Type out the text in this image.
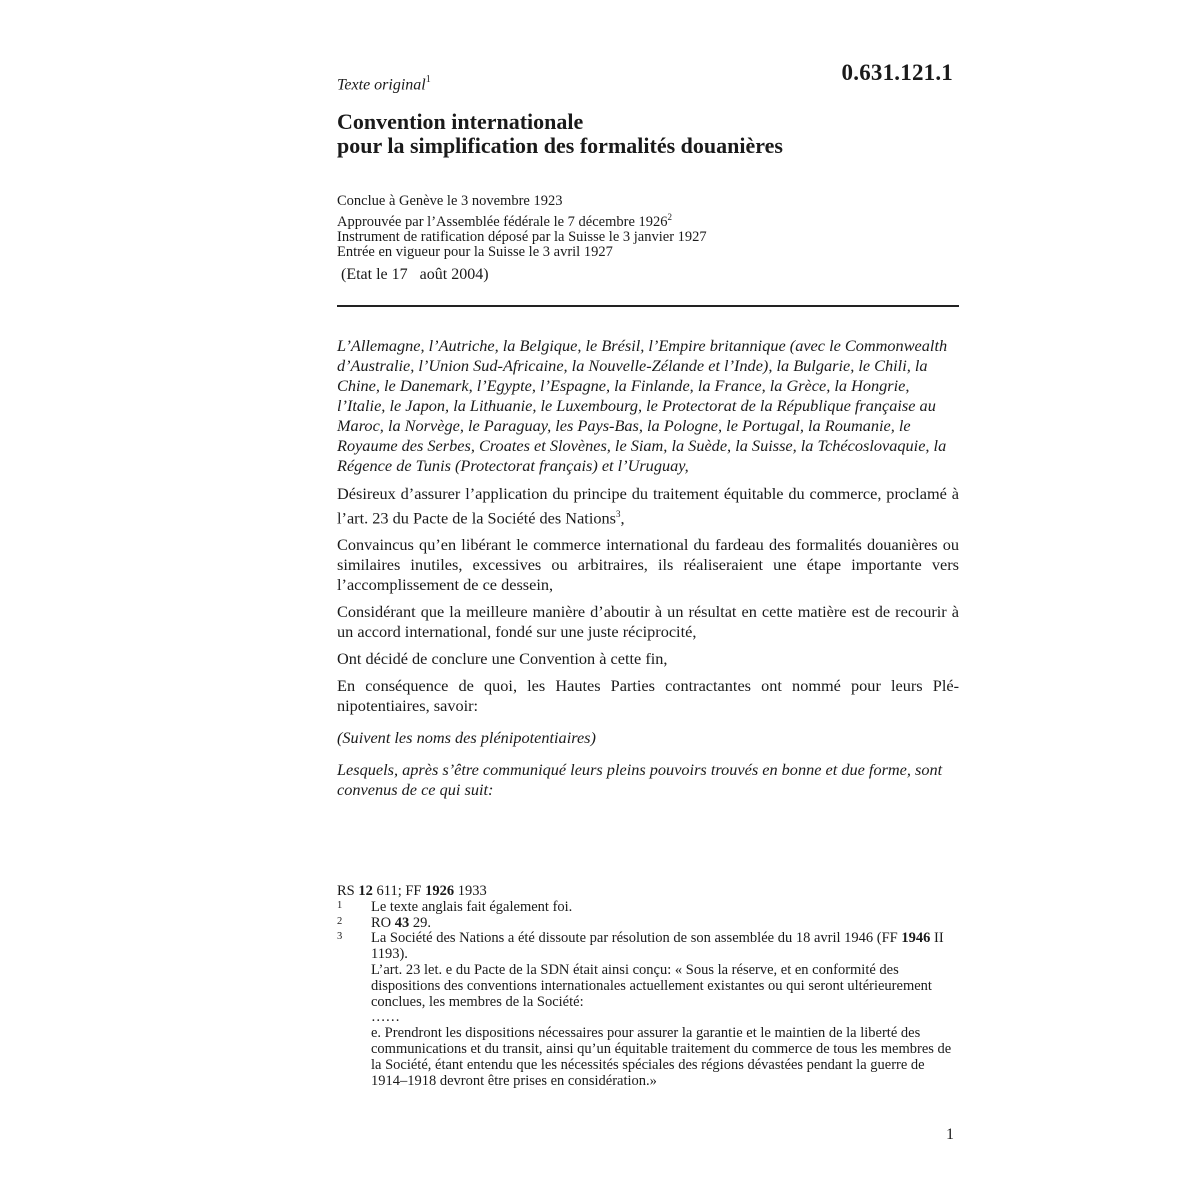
0.631.121.1
Texte original$^1$
Convention internationale
pour la simplification des formalités douanières
Conclue à Genève le 3 novembre 1923
Approuvée par l’Assemblée fédérale le 7 décembre 1926$^2$
Instrument de ratification déposé par la Suisse le 3 janvier 1927
Entrée en vigueur pour la Suisse le 3 avril 1927
(Etat le 17   août 2004)

L’Allemagne, l’Autriche, la Belgique, le Brésil, l’Empire britannique (avec le Commonwealth d’Australie, l’Union Sud-Africaine, la Nouvelle-Zélande et l’Inde), la Bulgarie, le Chili, la Chine, le Danemark, l’Egypte, l’Espagne, la Finlande, la France, la Grèce, la Hongrie, l’Italie, le Japon, la Lithuanie, le Luxembourg, le Protectorat de la République française au Maroc, la Norvège, le Paraguay, les Pays-Bas, la Pologne, le Portugal, la Roumanie, le Royaume des Serbes, Croates et Slovènes, le Siam, la Suède, la Suisse, la Tchécoslovaquie, la Régence de Tunis (Protectorat français) et l’Uruguay,

Désireux d’assurer l’application du principe du traitement équitable du commerce, proclamé à l’art. 23 du Pacte de la Société des Nations$^3$,

Convaincus qu’en libérant le commerce international du fardeau des formalités douanières ou similaires inutiles, excessives ou arbitraires, ils réaliseraient une étape importante vers l’accomplissement de ce dessein,

Considérant que la meilleure manière d’aboutir à un résultat en cette matière est de recourir à un accord international, fondé sur une juste réciprocité,

Ont décidé de conclure une Convention à cette fin,

En conséquence de quoi, les Hautes Parties contractantes ont nommé pour leurs Plé-nipotentiaires, savoir:

(Suivent les noms des plénipotentiaires)

Lesquels, après s’être communiqué leurs pleins pouvoirs trouvés en bonne et due forme, sont convenus de ce qui suit:

RS 12 611; FF 1926 1933
1 Le texte anglais fait également foi.
2 RO 43 29.
3 La Société des Nations a été dissoute par résolution de son assemblée du 18 avril 1946 (FF 1946 II 1193).
L’art. 23 let. e du Pacte de la SDN était ainsi conçu: « Sous la réserve, et en conformité des dispositions des conventions internationales actuellement existantes ou qui seront ultérieurement conclues, les membres de la Société:
……
e. Prendront les dispositions nécessaires pour assurer la garantie et le maintien de la liberté des communications et du transit, ainsi qu’un équitable traitement du commerce de tous les membres de la Société, étant entendu que les nécessités spéciales des régions dévastées pendant la guerre de 1914–1918 devront être prises en considération.»
1
